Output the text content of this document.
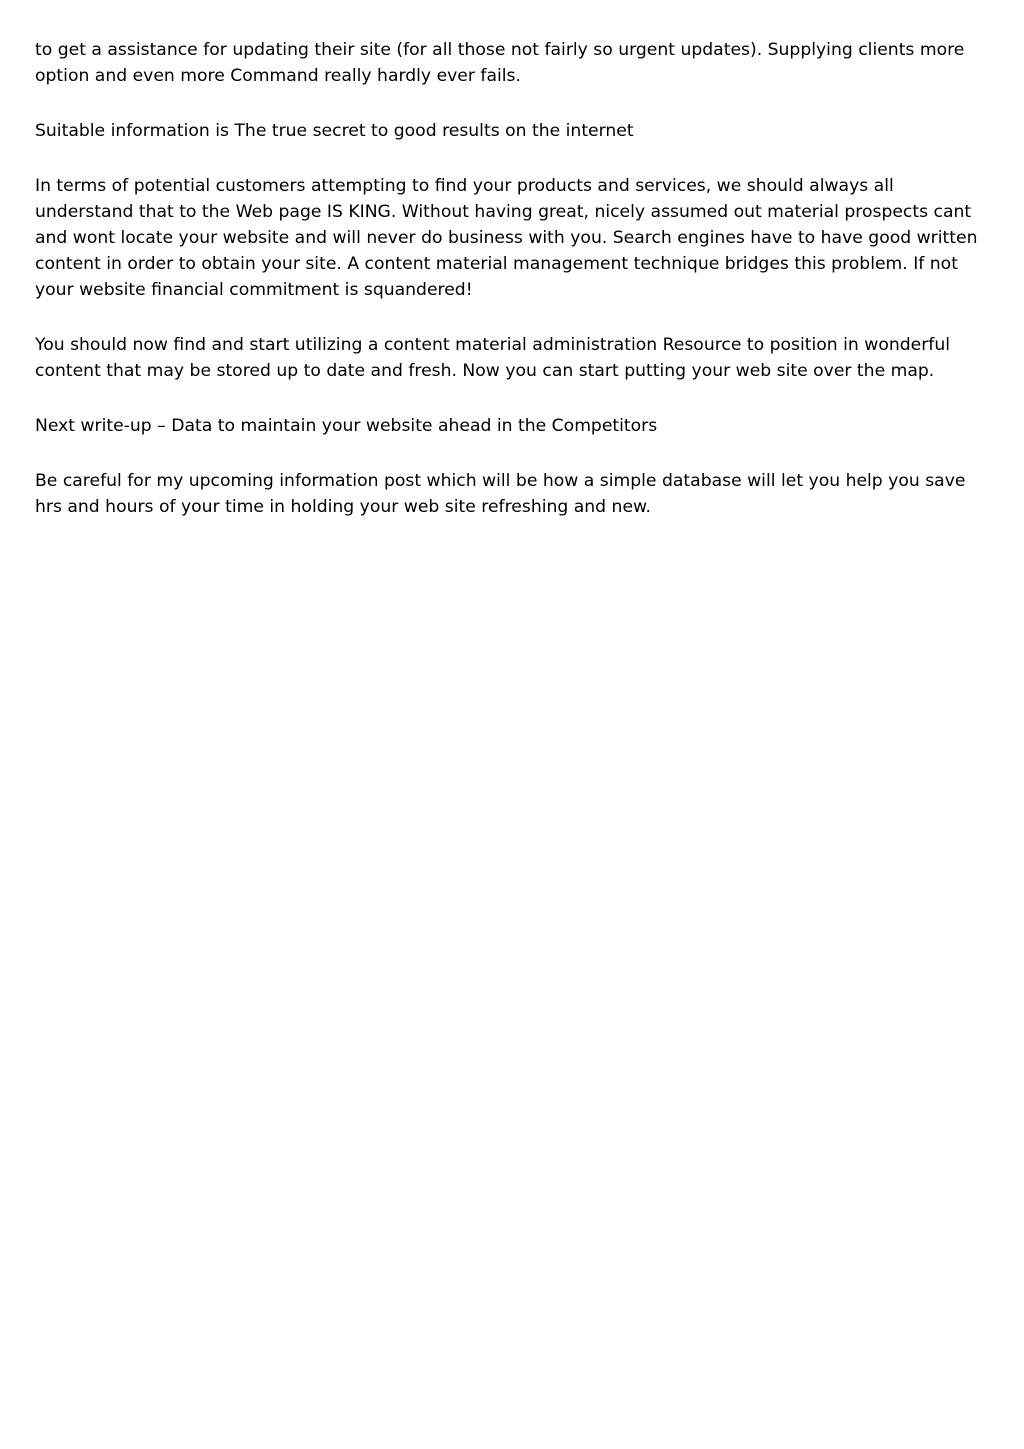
to get a assistance for updating their site (for all those not fairly so urgent updates). Supplying clients more option and even more Command really hardly ever fails.

Suitable information is The true secret to good results on the internet

In terms of potential customers attempting to find your products and services, we should always all understand that to the Web page IS KING. Without having great, nicely assumed out material prospects cant and wont locate your website and will never do business with you. Search engines have to have good written content in order to obtain your site. A content material management technique bridges this problem. If not your website financial commitment is squandered!

You should now find and start utilizing a content material administration Resource to position in wonderful content that may be stored up to date and fresh. Now you can start putting your web site over the map.

Next write-up – Data to maintain your website ahead in the Competitors

Be careful for my upcoming information post which will be how a simple database will let you help you save hrs and hours of your time in holding your web site refreshing and new.
